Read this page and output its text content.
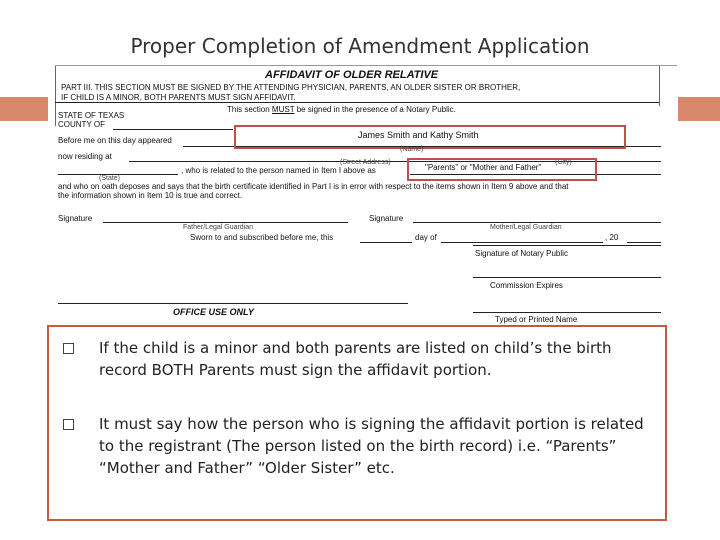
Proper Completion of Amendment Application
AFFIDAVIT OF OLDER RELATIVE
PART III. THIS SECTION MUST BE SIGNED BY THE ATTENDING PHYSICIAN, PARENTS, AN OLDER SISTER OR BROTHER,
IF CHILD IS A MINOR, BOTH PARENTS MUST SIGN AFFIDAVIT.
This section MUST be signed in the presence of a Notary Public.
STATE OF TEXAS
COUNTY OF
Before me on this day appeared
James Smith and Kathy Smith
(Name)
now residing at
(Street Address)	(City)
, who is related to the person named in Item I above as	"Parents" or "Mother and Father"
(State)
and who on oath deposes and says that the birth certificate identified in Part I is in error with respect to the items shown in Item 9 above and that
the information shown in Item 10 is true and correct.
Signature
Father/Legal Guardian
Signature
Mother/Legal Guardian
Sworn to and subscribed before me, this	day of	, 20
Signature of Notary Public
Commission Expires
OFFICE USE ONLY
Typed or Printed Name
If the child is a minor and both parents are listed on child’s the birth record BOTH Parents must sign the affidavit portion.
It must say how the person who is signing the affidavit portion is related to the registrant (The person listed on the birth record) i.e. “Parents” “Mother and Father” “Older Sister” etc.
